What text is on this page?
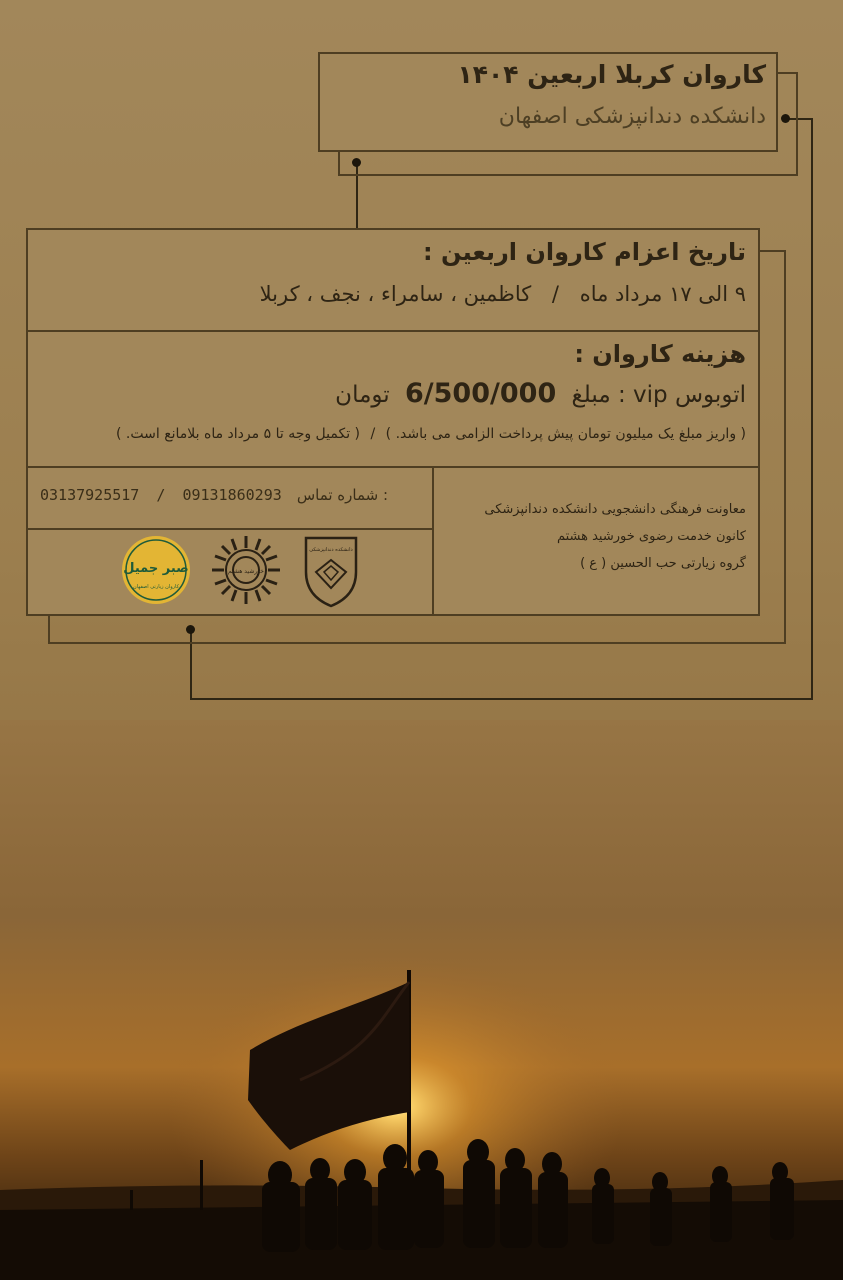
کاروان کربلا اربعین ۱۴۰۴
دانشکده دندانپزشکی اصفهان
تاریخ اعزام کاروان اربعین :
۹ الی ۱۷ مرداد ماه / کاظمین ، سامراء ، نجف ، کربلا
هزینه کاروان :
اتوبوس vip : مبلغ 6/500/000 تومان
( واریز مبلغ یک میلیون تومان پیش پرداخت الزامی می باشد. ) / ( تکمیل وجه تا ۵ مرداد ماه بلامانع است. )
03137925517 / 09131860293 شماره تماس :
معاونت فرهنگی دانشجویی دانشکده دندانپزشکی
کانون خدمت رضوی خورشید هشتم
گروه زیارتی حب الحسین ( ع )
صبر جمیل
کاروان زیارتی اصفهان
خورشید هشتم
دانشکده دندانپزشکی
